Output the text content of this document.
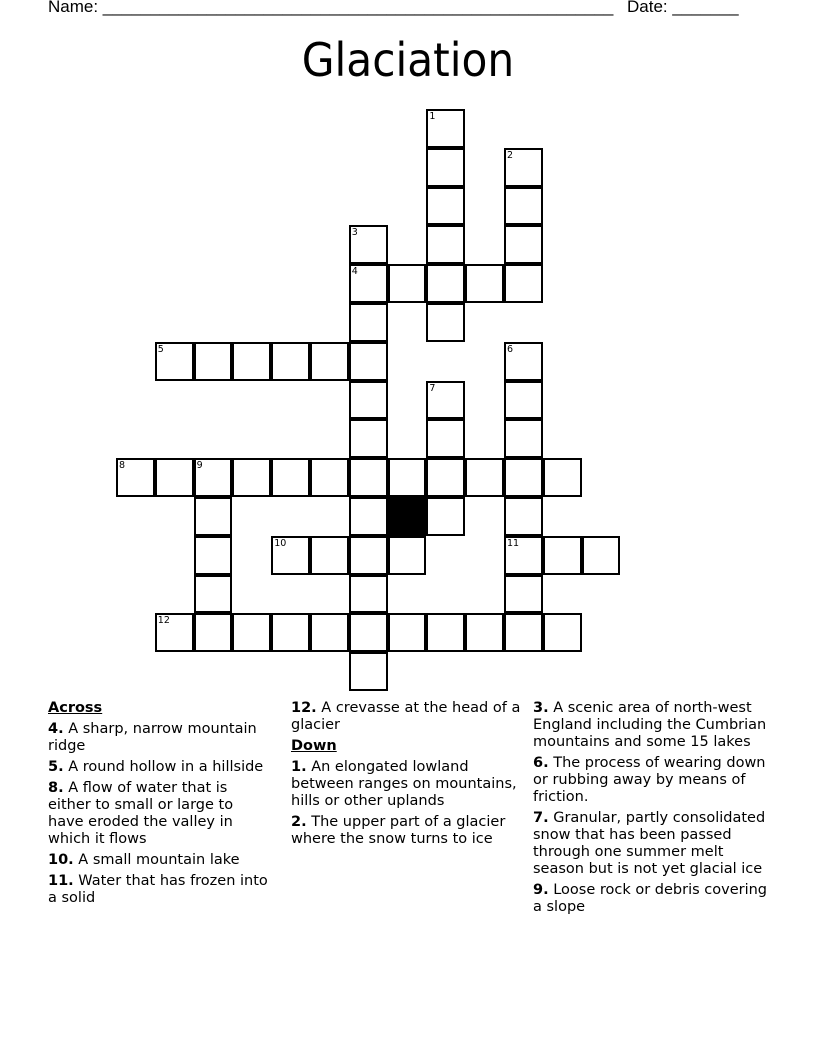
Name: ______________________________________________________ Date: _______
Glaciation
1
2
3
4
5	6
11
7
8	9
10
12
Across
4. A sharp, narrow mountain ridge
5. A round hollow in a hillside
8. A flow of water that is either to small or large to have eroded the valley in which it flows
10. A small mountain lake
11. Water that has frozen into a solid
12. A crevasse at the head of a glacier
Down
1. An elongated lowland between ranges on mountains, hills or other uplands
2. The upper part of a glacier where the snow turns to ice
3. A scenic area of north-west England including the Cumbrian mountains and some 15 lakes
6. The process of wearing down or rubbing away by means of friction.
7. Granular, partly consolidated snow that has been passed through one summer melt season but is not yet glacial ice
9. Loose rock or debris covering a slope
